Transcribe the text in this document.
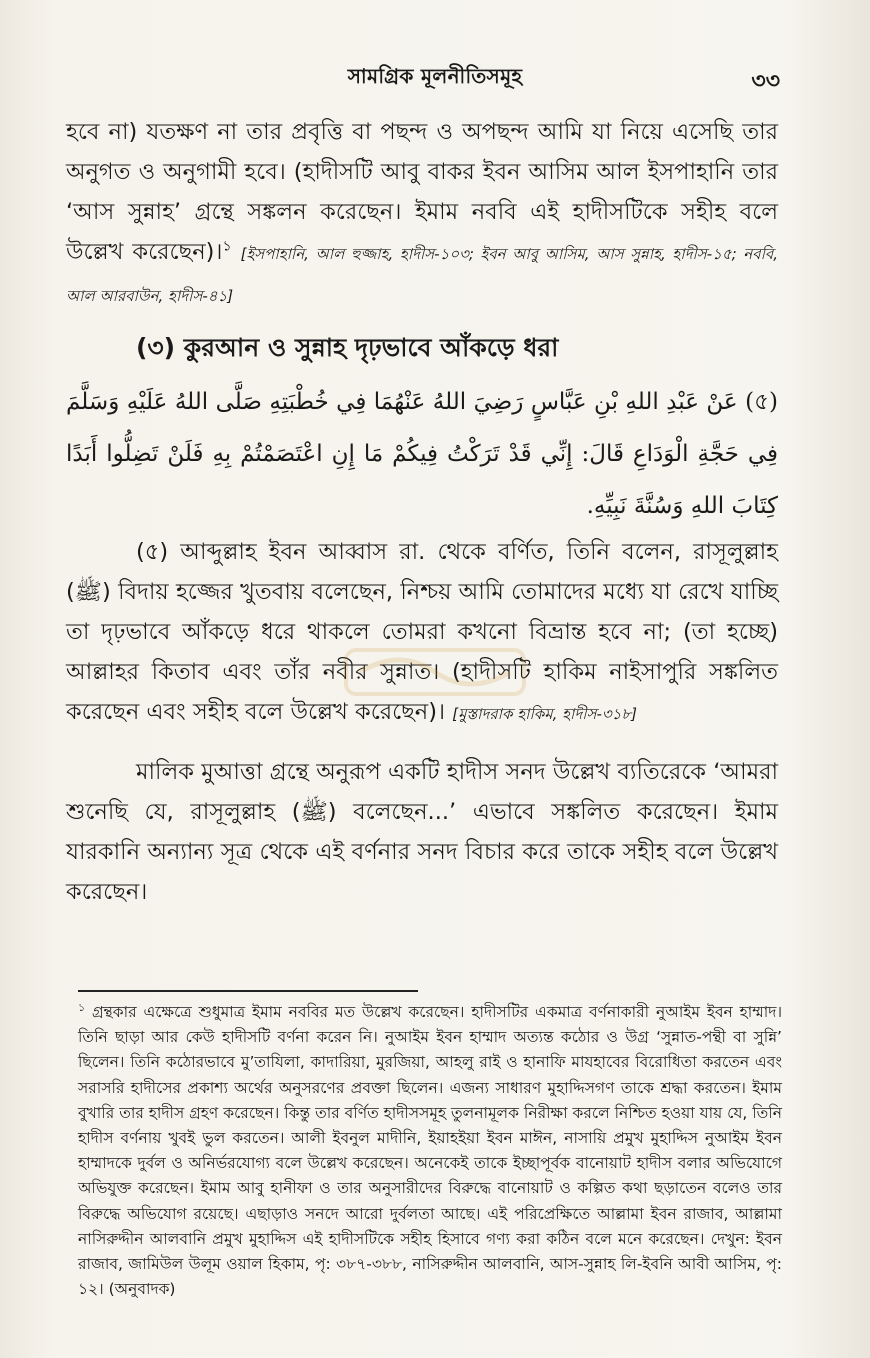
সামগ্রিক মূলনীতিসমূহ	৩৩

হবে না) যতক্ষণ না তার প্রবৃত্তি বা পছন্দ ও অপছন্দ আমি যা নিয়ে এসেছি তার অনুগত ও অনুগামী হবে। (হাদীসটি আবু বাকর ইবন আসিম আল ইসপাহানি তার ‘আস সুন্নাহ’ গ্রন্থে সঙ্কলন করেছেন। ইমাম নববি এই হাদীসটিকে সহীহ বলে উল্লেখ করেছেন)।$^১$ [ইসপাহানি, আল হুজ্জাহ, হাদীস-১০৩; ইবন আবু আসিম, আস সুন্নাহ, হাদীস-১৫; নববি, আল আরবাউন, হাদীস-৪১]

(৩) কুরআন ও সুন্নাহ দৃঢ়ভাবে আঁকড়ে ধরা

(৫) عَنْ عَبْدِ اللهِ بْنِ عَبَّاسٍ رَضِيَ اللهُ عَنْهُمَا فِي خُطْبَتِهِ صَلَّى اللهُ عَلَيْهِ وَسَلَّمَ فِي حَجَّةِ الْوَدَاعِ قَالَ: إِنِّي قَدْ تَرَكْتُ فِيكُمْ مَا إِنِ اعْتَصَمْتُمْ بِهِ فَلَنْ تَضِلُّوا أَبَدًا كِتَابَ اللهِ وَسُنَّةَ نَبِيِّهِ.

(৫) আব্দুল্লাহ ইবন আব্বাস রা. থেকে বর্ণিত, তিনি বলেন, রাসূলুল্লাহ (ﷺ) বিদায় হজ্জের খুতবায় বলেছেন, নিশ্চয় আমি তোমাদের মধ্যে যা রেখে যাচ্ছি তা দৃঢ়ভাবে আঁকড়ে ধরে থাকলে তোমরা কখনো বিভ্রান্ত হবে না; (তা হচ্ছে) আল্লাহর কিতাব এবং তাঁর নবীর সুন্নাত। (হাদীসটি হাকিম নাইসাপুরি সঙ্কলিত করেছেন এবং সহীহ বলে উল্লেখ করেছেন)। [মুস্তাদরাক হাকিম, হাদীস-৩১৮]

মালিক মুআত্তা গ্রন্থে অনুরূপ একটি হাদীস সনদ উল্লেখ ব্যতিরেকে ‘আমরা শুনেছি যে, রাসূলুল্লাহ (ﷺ) বলেছেন...’ এভাবে সঙ্কলিত করেছেন। ইমাম যারকানি অন্যান্য সূত্র থেকে এই বর্ণনার সনদ বিচার করে তাকে সহীহ বলে উল্লেখ করেছেন।

$^১$ গ্রন্থকার এক্ষেত্রে শুধুমাত্র ইমাম নববির মত উল্লেখ করেছেন। হাদীসটির একমাত্র বর্ণনাকারী নুআইম ইবন হাম্মাদ। তিনি ছাড়া আর কেউ হাদীসটি বর্ণনা করেন নি। নুআইম ইবন হাম্মাদ অত্যন্ত কঠোর ও উগ্র ‘সুন্নাত-পন্থী বা সুন্নি’ ছিলেন। তিনি কঠোরভাবে মু’তাযিলা, কাদারিয়া, মুরজিয়া, আহলু রাই ও হানাফি মাযহাবের বিরোধিতা করতেন এবং সরাসরি হাদীসের প্রকাশ্য অর্থের অনুসরণের প্রবক্তা ছিলেন। এজন্য সাধারণ মুহাদ্দিসগণ তাকে শ্রদ্ধা করতেন। ইমাম বুখারি তার হাদীস গ্রহণ করেছেন। কিন্তু তার বর্ণিত হাদীসসমূহ তুলনামূলক নিরীক্ষা করলে নিশ্চিত হওয়া যায় যে, তিনি হাদীস বর্ণনায় খুবই ভুল করতেন। আলী ইবনুল মাদীনি, ইয়াহইয়া ইবন মাঈন, নাসায়ি প্রমুখ মুহাদ্দিস নুআইম ইবন হাম্মাদকে দুর্বল ও অনির্ভরযোগ্য বলে উল্লেখ করেছেন। অনেকেই তাকে ইচ্ছাপূর্বক বানোয়াট হাদীস বলার অভিযোগে অভিযুক্ত করেছেন। ইমাম আবু হানীফা ও তার অনুসারীদের বিরুদ্ধে বানোয়াট ও কল্পিত কথা ছড়াতেন বলেও তার বিরুদ্ধে অভিযোগ রয়েছে। এছাড়াও সনদে আরো দুর্বলতা আছে। এই পরিপ্রেক্ষিতে আল্লামা ইবন রাজাব, আল্লামা নাসিরুদ্দীন আলবানি প্রমুখ মুহাদ্দিস এই হাদীসটিকে সহীহ হিসাবে গণ্য করা কঠিন বলে মনে করেছেন। দেখুন: ইবন রাজাব, জামিউল উলূম ওয়াল হিকাম, পৃ: ৩৮৭-৩৮৮, নাসিরুদ্দীন আলবানি, আস-সুন্নাহ লি-ইবনি আবী আসিম, পৃ: ১২। (অনুবাদক)
